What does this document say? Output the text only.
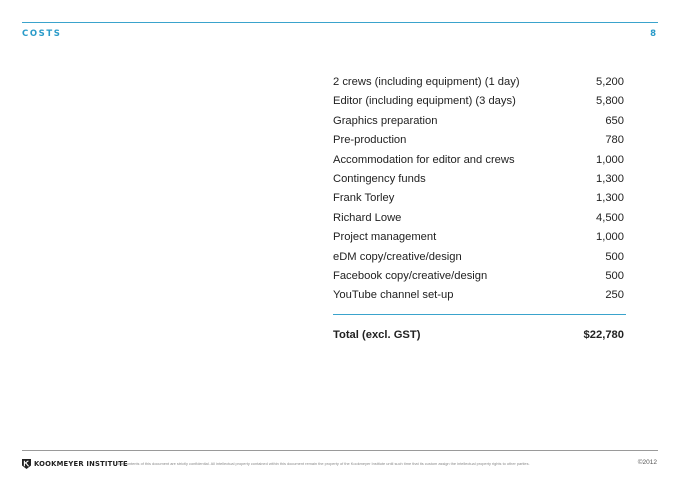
COSTS	8
2 crews (including equipment) (1 day)	5,200
Editor (including equipment) (3 days)	5,800
Graphics preparation	650
Pre-production	780
Accommodation for editor and crews	1,000
Contingency funds	1,300
Frank Torley	1,300
Richard Lowe	4,500
Project management	1,000
eDM copy/creative/design	500
Facebook copy/creative/design	500
YouTube channel set-up	250
Total (excl. GST)	$22,780
KOOKMEYER INSTITUTE
The contents of this document are strictly confidential. All intellectual property contained within this document remain the property of the Kookmeyer Institute until such time that its custom assign the intellectual property rights to other parties.	©2012
